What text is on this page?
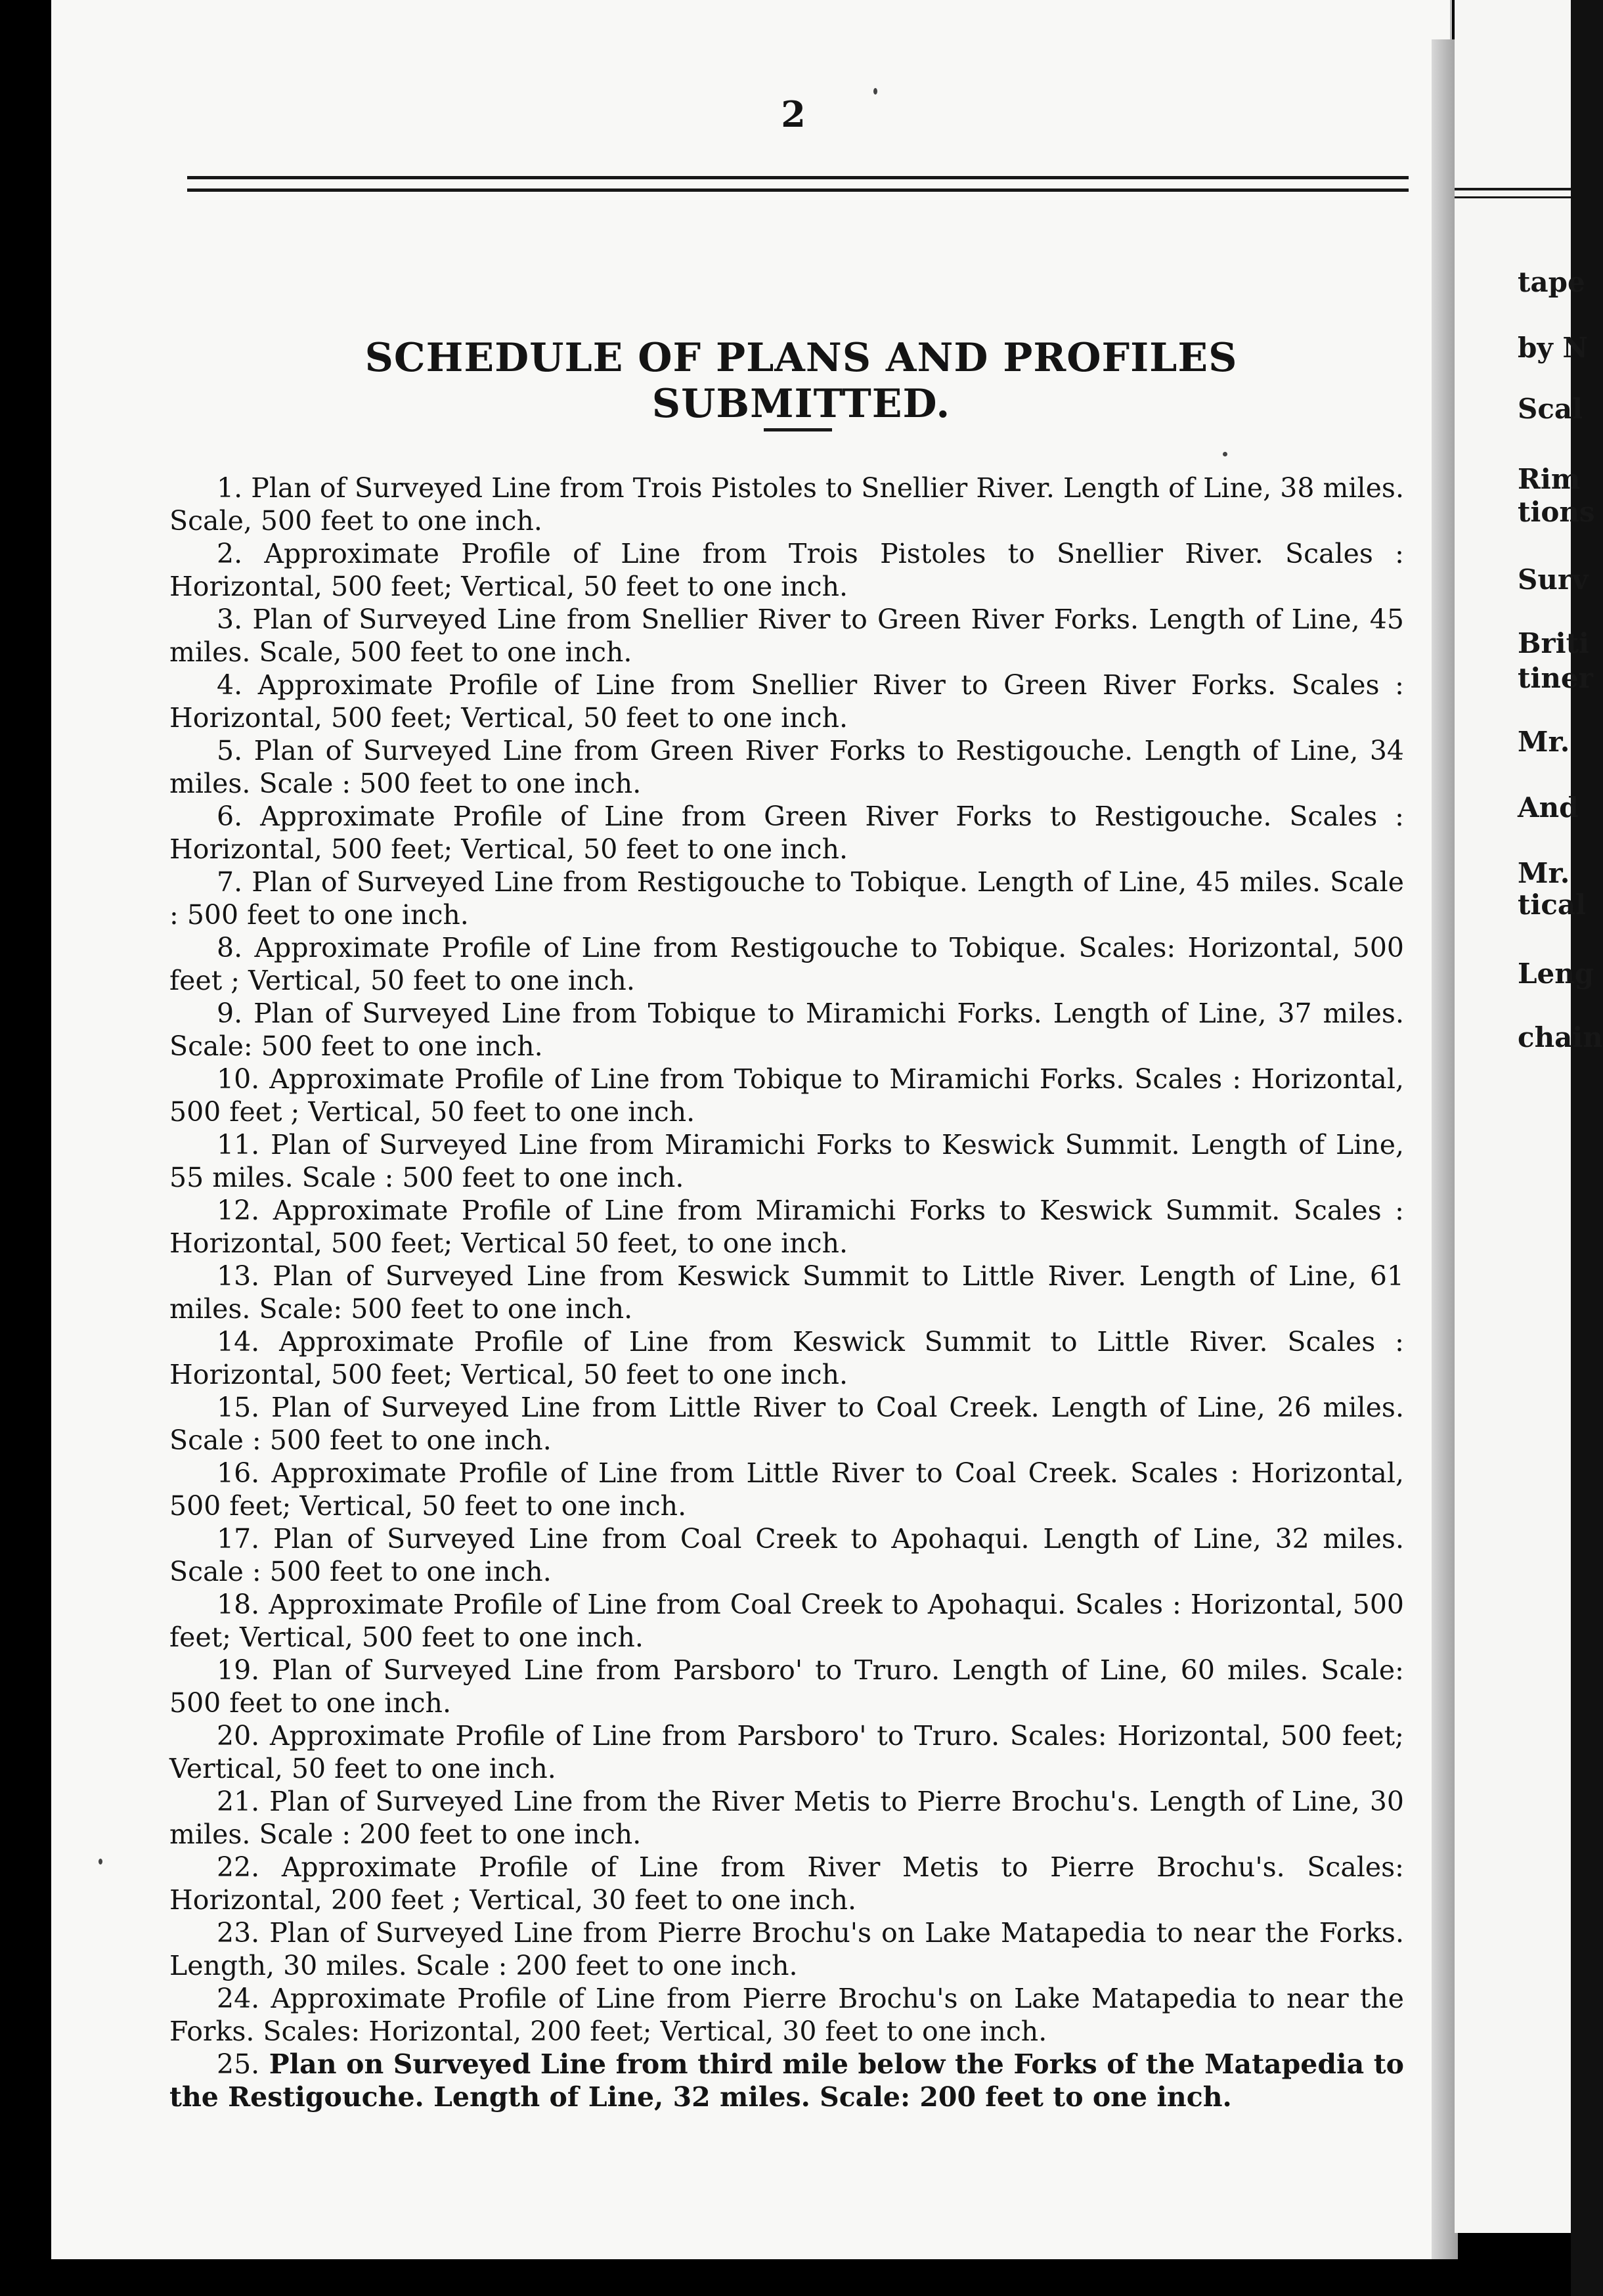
tape
by N
Scal
Rim
tions
Surv
Briti
tiner
Mr.
And
Mr.
tical
Leng
chain
2
SCHEDULE OF PLANS AND PROFILES SUBMITTED.

1. Plan of Surveyed Line from Trois Pistoles to Snellier River. Length of Line, 38 miles. Scale, 500 feet to one inch.

2. Approximate Profile of Line from Trois Pistoles to Snellier River. Scales : Horizontal, 500 feet; Vertical, 50 feet to one inch.

3. Plan of Surveyed Line from Snellier River to Green River Forks. Length of Line, 45 miles. Scale, 500 feet to one inch.

4. Approximate Profile of Line from Snellier River to Green River Forks. Scales : Horizontal, 500 feet; Vertical, 50 feet to one inch.

5. Plan of Surveyed Line from Green River Forks to Restigouche. Length of Line, 34 miles. Scale : 500 feet to one inch.

6. Approximate Profile of Line from Green River Forks to Restigouche. Scales : Horizontal, 500 feet; Vertical, 50 feet to one inch.

7. Plan of Surveyed Line from Restigouche to Tobique. Length of Line, 45 miles. Scale : 500 feet to one inch.

8. Approximate Profile of Line from Restigouche to Tobique. Scales: Horizontal, 500 feet ; Vertical, 50 feet to one inch.

9. Plan of Surveyed Line from Tobique to Miramichi Forks. Length of Line, 37 miles. Scale: 500 feet to one inch.

10. Approximate Profile of Line from Tobique to Miramichi Forks. Scales : Horizontal, 500 feet ; Vertical, 50 feet to one inch.

11. Plan of Surveyed Line from Miramichi Forks to Keswick Summit. Length of Line, 55 miles. Scale : 500 feet to one inch.

12. Approximate Profile of Line from Miramichi Forks to Keswick Summit. Scales : Horizontal, 500 feet; Vertical 50 feet, to one inch.

13. Plan of Surveyed Line from Keswick Summit to Little River. Length of Line, 61 miles. Scale: 500 feet to one inch.

14. Approximate Profile of Line from Keswick Summit to Little River. Scales : Horizontal, 500 feet; Vertical, 50 feet to one inch.

15. Plan of Surveyed Line from Little River to Coal Creek. Length of Line, 26 miles. Scale : 500 feet to one inch.

16. Approximate Profile of Line from Little River to Coal Creek. Scales : Horizontal, 500 feet; Vertical, 50 feet to one inch.

17. Plan of Surveyed Line from Coal Creek to Apohaqui. Length of Line, 32 miles. Scale : 500 feet to one inch.

18. Approximate Profile of Line from Coal Creek to Apohaqui. Scales : Horizontal, 500 feet; Vertical, 500 feet to one inch.

19. Plan of Surveyed Line from Parsboro' to Truro. Length of Line, 60 miles. Scale: 500 feet to one inch.

20. Approximate Profile of Line from Parsboro' to Truro. Scales: Horizontal, 500 feet; Vertical, 50 feet to one inch.

21. Plan of Surveyed Line from the River Metis to Pierre Brochu's. Length of Line, 30 miles. Scale : 200 feet to one inch.

22. Approximate Profile of Line from River Metis to Pierre Brochu's. Scales: Horizontal, 200 feet ; Vertical, 30 feet to one inch.

23. Plan of Surveyed Line from Pierre Brochu's on Lake Matapedia to near the Forks. Length, 30 miles. Scale : 200 feet to one inch.

24. Approximate Profile of Line from Pierre Brochu's on Lake Matapedia to near the Forks. Scales: Horizontal, 200 feet; Vertical, 30 feet to one inch.

25. Plan on Surveyed Line from third mile below the Forks of the Matapedia to the Restigouche. Length of Line, 32 miles. Scale: 200 feet to one inch.
